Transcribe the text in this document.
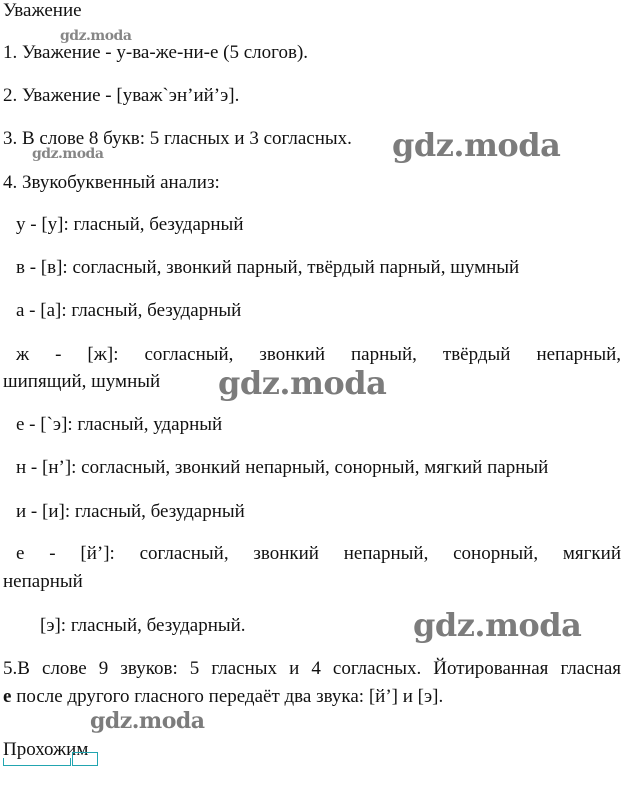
Уважение
1. Уважение - у-ва-же-ни-е (5 слогов).
2. Уважение - [уваж`эн’ий’э].
3. В слове 8 букв: 5 гласных и 3 согласных.
4. Звукобуквенный анализ:
у - [у]: гласный, безударный
в - [в]: согласный, звонкий парный, твёрдый парный, шумный
а - [а]: гласный, безударный
ж - [ж]: согласный, звонкий парный, твёрдый непарный,
шипящий, шумный
е - [`э]: гласный, ударный
н - [н’]: согласный, звонкий непарный, сонорный, мягкий парный
и - [и]: гласный, безударный
е - [й’]: согласный, звонкий непарный, сонорный, мягкий
непарный
[э]: гласный, безударный.
5.В слове 9 звуков: 5 гласных и 4 согласных. Йотированная гласная
е после другого гласного передаёт два звука: [й’] и [э].
Прохожим
gdz.moda
gdz.moda	gdz.moda
gdz.moda
gdz.moda
gdz.moda
